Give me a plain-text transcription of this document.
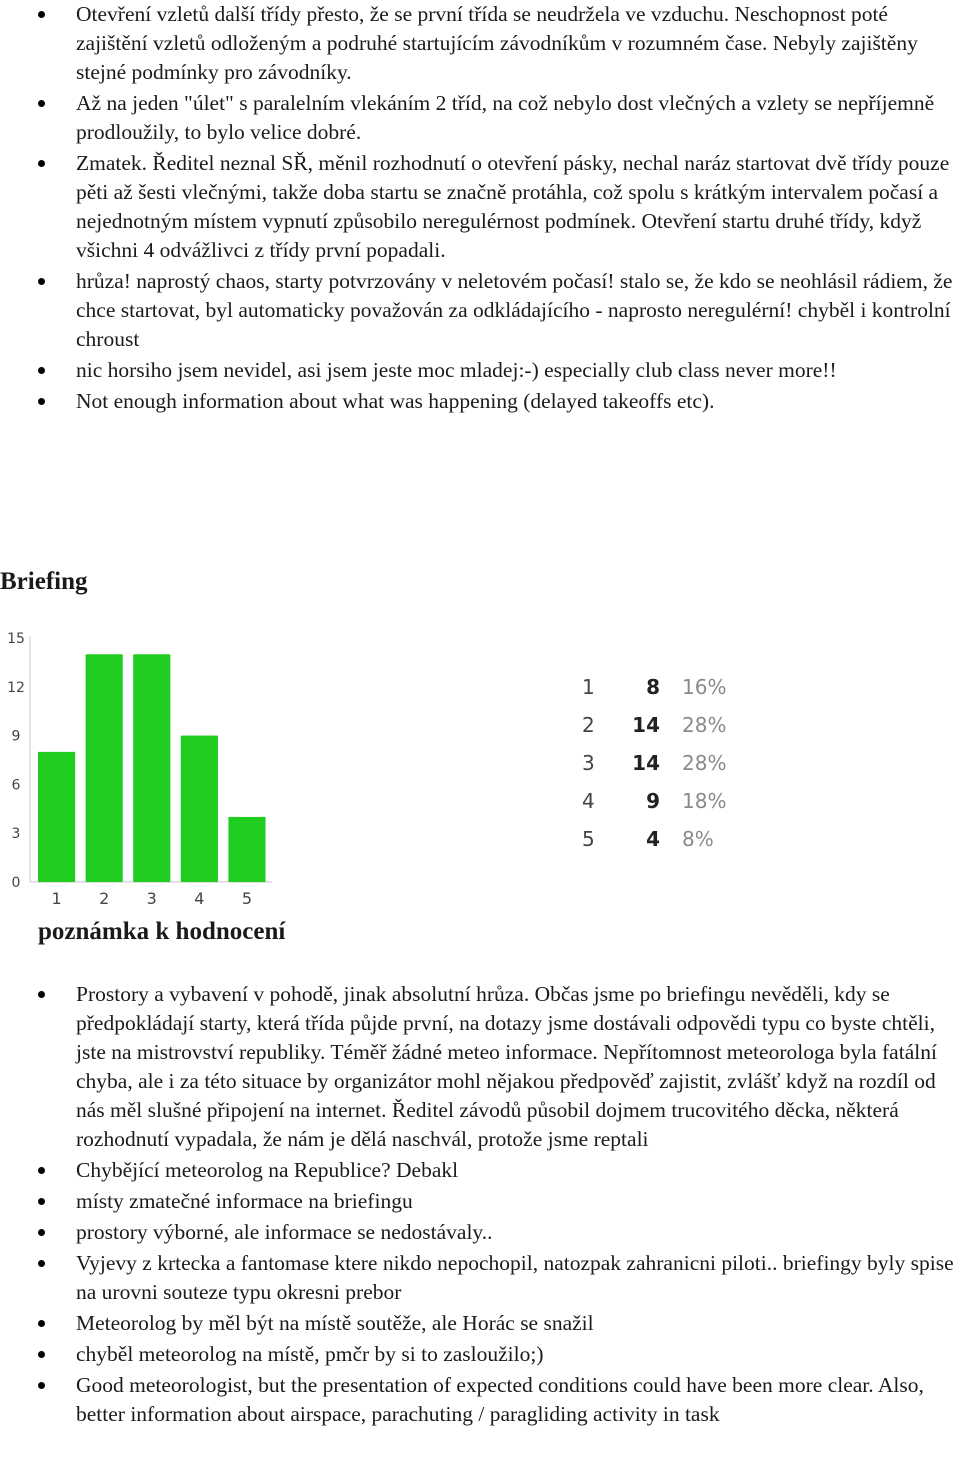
Otevření vzletů další třídy přesto, že se první třída se neudržela ve vzduchu. Neschopnost poté zajištění vzletů odloženým a podruhé startujícím závodníkům v rozumném čase. Nebyly zajištěny stejné podmínky pro závodníky.
Až na jeden "úlet" s paralelním vlekáním 2 tříd, na což nebylo dost vlečných a vzlety se nepříjemně prodloužily, to bylo velice dobré.
Zmatek. Ředitel neznal SŘ, měnil rozhodnutí o otevření pásky, nechal naráz startovat dvě třídy pouze pěti až šesti vlečnými, takže doba startu se značně protáhla, což spolu s krátkým intervalem počasí a nejednotným místem vypnutí způsobilo neregulérnost podmínek. Otevření startu druhé třídy, když všichni 4 odvážlivci z třídy první popadali.
hrůza! naprostý chaos, starty potvrzovány v neletovém počasí! stalo se, že kdo se neohlásil rádiem, že chce startovat, byl automaticky považován za odkládajícího - naprosto neregulérní! chyběl i kontrolní chroust
nic horsiho jsem nevidel, asi jsem jeste moc mladej:-) especially club class never more!!
Not enough information about what was happening (delayed takeoffs etc).
Briefing
0
3
6
9
12
15
1 2 3 4 5
1	8 16%
2	14 28%
3	14 28%
4	9 18%
5	4 8%
poznámka k hodnocení
Prostory a vybavení v pohodě, jinak absolutní hrůza. Občas jsme po briefingu nevěděli, kdy se předpokládají starty, která třída půjde první, na dotazy jsme dostávali odpovědi typu co byste chtěli, jste na mistrovství republiky. Téměř žádné meteo informace. Nepřítomnost meteorologa byla fatální chyba, ale i za této situace by organizátor mohl nějakou předpověď zajistit, zvlášť když na rozdíl od nás měl slušné připojení na internet. Ředitel závodů působil dojmem trucovitého děcka, některá rozhodnutí vypadala, že nám je dělá naschvál, protože jsme reptali
Chybějící meteorolog na Republice? Debakl
místy zmatečné informace na briefingu
prostory výborné, ale informace se nedostávaly..
Vyjevy z krtecka a fantomase ktere nikdo nepochopil, natozpak zahranicni piloti.. briefingy byly spise na urovni souteze typu okresni prebor
Meteorolog by měl být na místě soutěže, ale Horác se snažil
chyběl meteorolog na místě, pmčr by si to zasloužilo;)
Good meteorologist, but the presentation of expected conditions could have been more clear. Also, better information about airspace, parachuting / paragliding activity in task
